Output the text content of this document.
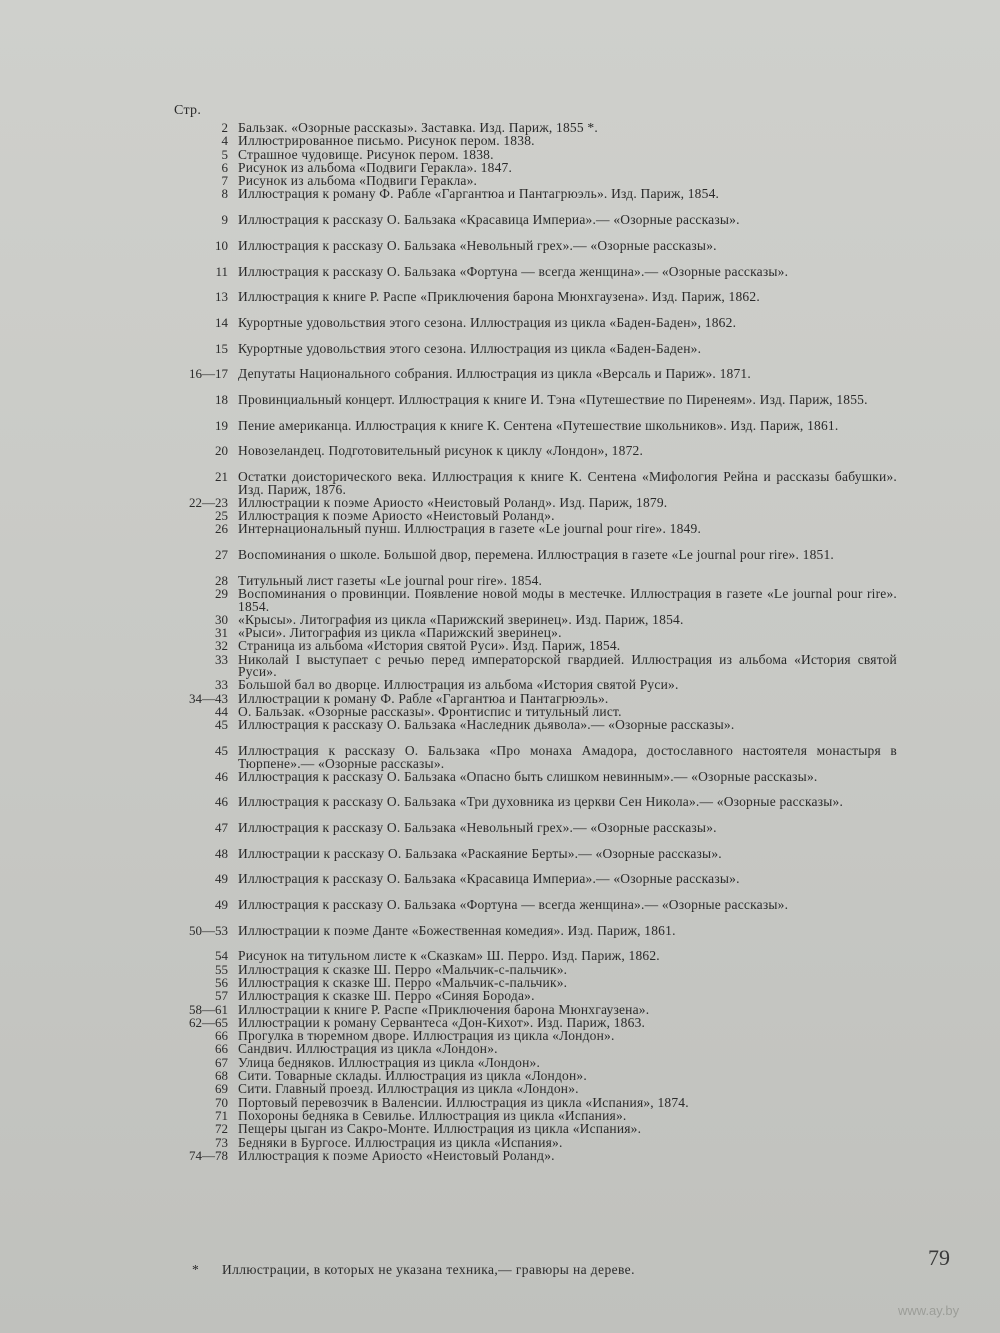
Стр.
2 Бальзак. «Озорные рассказы». Заставка. Изд. Париж, 1855 *.
4 Иллюстрированное письмо. Рисунок пером. 1838.
5 Страшное чудовище. Рисунок пером. 1838.
6 Рисунок из альбома «Подвиги Геракла». 1847.
7 Рисунок из альбома «Подвиги Геракла».
8 Иллюстрация к роману Ф. Рабле «Гаргантюа и Пантагрюэль». Изд. Париж, 1854.
9 Иллюстрация к рассказу О. Бальзака «Красавица Империа».— «Озорные рассказы».
10 Иллюстрация к рассказу О. Бальзака «Невольный грех».— «Озорные рассказы».
11 Иллюстрация к рассказу О. Бальзака «Фортуна — всегда женщина».— «Озорные рассказы».
13 Иллюстрация к книге Р. Распе «Приключения барона Мюнхгаузена». Изд. Париж, 1862.
14 Курортные удовольствия этого сезона. Иллюстрация из цикла «Баден-Баден», 1862.
15 Курортные удовольствия этого сезона. Иллюстрация из цикла «Баден-Баден».
16—17 Депутаты Национального собрания. Иллюстрация из цикла «Версаль и Париж». 1871.
18 Провинциальный концерт. Иллюстрация к книге И. Тэна «Путешествие по Пиренеям». Изд. Париж, 1855.
19 Пение американца. Иллюстрация к книге К. Сентена «Путешествие школьников». Изд. Париж, 1861.
20 Новозеландец. Подготовительный рисунок к циклу «Лондон», 1872.
21 Остатки доисторического века. Иллюстрация к книге К. Сентена «Мифология Рейна и рассказы бабушки». Изд. Париж, 1876.
22—23 Иллюстрации к поэме Ариосто «Неистовый Роланд». Изд. Париж, 1879.
25 Иллюстрация к поэме Ариосто «Неистовый Роланд».
26 Интернациональный пунш. Иллюстрация в газете «Le journal pour rire». 1849.
27 Воспоминания о школе. Большой двор, перемена. Иллюстрация в газете «Le journal pour rire». 1851.
28 Титульный лист газеты «Le journal pour rire». 1854.
29 Воспоминания о провинции. Появление новой моды в местечке. Иллюстрация в газете «Le journal pour rire». 1854.
30 «Крысы». Литография из цикла «Парижский зверинец». Изд. Париж, 1854.
31 «Рыси». Литография из цикла «Парижский зверинец».
32 Страница из альбома «История святой Руси». Изд. Париж, 1854.
33 Николай I выступает с речью перед императорской гвардией. Иллюстрация из альбома «История святой Руси».
33 Большой бал во дворце. Иллюстрация из альбома «История святой Руси».
34—43 Иллюстрации к роману Ф. Рабле «Гаргантюа и Пантагрюэль».
44 О. Бальзак. «Озорные рассказы». Фронтиспис и титульный лист.
45 Иллюстрация к рассказу О. Бальзака «Наследник дьявола».— «Озорные рассказы».
45 Иллюстрация к рассказу О. Бальзака «Про монаха Амадора, достославного настоятеля монастыря в Тюрпене».— «Озорные рассказы».
46 Иллюстрация к рассказу О. Бальзака «Опасно быть слишком невинным».— «Озорные рассказы».
46 Иллюстрация к рассказу О. Бальзака «Три духовника из церкви Сен Никола».— «Озорные рассказы».
47 Иллюстрация к рассказу О. Бальзака «Невольный грех».— «Озорные рассказы».
48 Иллюстрации к рассказу О. Бальзака «Раскаяние Берты».— «Озорные рассказы».
49 Иллюстрация к рассказу О. Бальзака «Красавица Империа».— «Озорные рассказы».
49 Иллюстрация к рассказу О. Бальзака «Фортуна — всегда женщина».— «Озорные рассказы».
50—53 Иллюстрации к поэме Данте «Божественная комедия». Изд. Париж, 1861.
54 Рисунок на титульном листе к «Сказкам» Ш. Перро. Изд. Париж, 1862.
55 Иллюстрация к сказке Ш. Перро «Мальчик-с-пальчик».
56 Иллюстрация к сказке Ш. Перро «Мальчик-с-пальчик».
57 Иллюстрация к сказке Ш. Перро «Синяя Борода».
58—61 Иллюстрации к книге Р. Распе «Приключения барона Мюнхгаузена».
62—65 Иллюстрации к роману Сервантеса «Дон-Кихот». Изд. Париж, 1863.
66 Прогулка в тюремном дворе. Иллюстрация из цикла «Лондон».
66 Сандвич. Иллюстрация из цикла «Лондон».
67 Улица бедняков. Иллюстрация из цикла «Лондон».
68 Сити. Товарные склады. Иллюстрация из цикла «Лондон».
69 Сити. Главный проезд. Иллюстрация из цикла «Лондон».
70 Портовый перевозчик в Валенсии. Иллюстрация из цикла «Испания», 1874.
71 Похороны бедняка в Севилье. Иллюстрация из цикла «Испания».
72 Пещеры цыган из Сакро-Монте. Иллюстрация из цикла «Испания».
73 Бедняки в Бургосе. Иллюстрация из цикла «Испания».
74—78 Иллюстрация к поэме Ариосто «Неистовый Роланд».
* Иллюстрации, в которых не указана техника,— гравюры на дереве.	79
www.ay.by
